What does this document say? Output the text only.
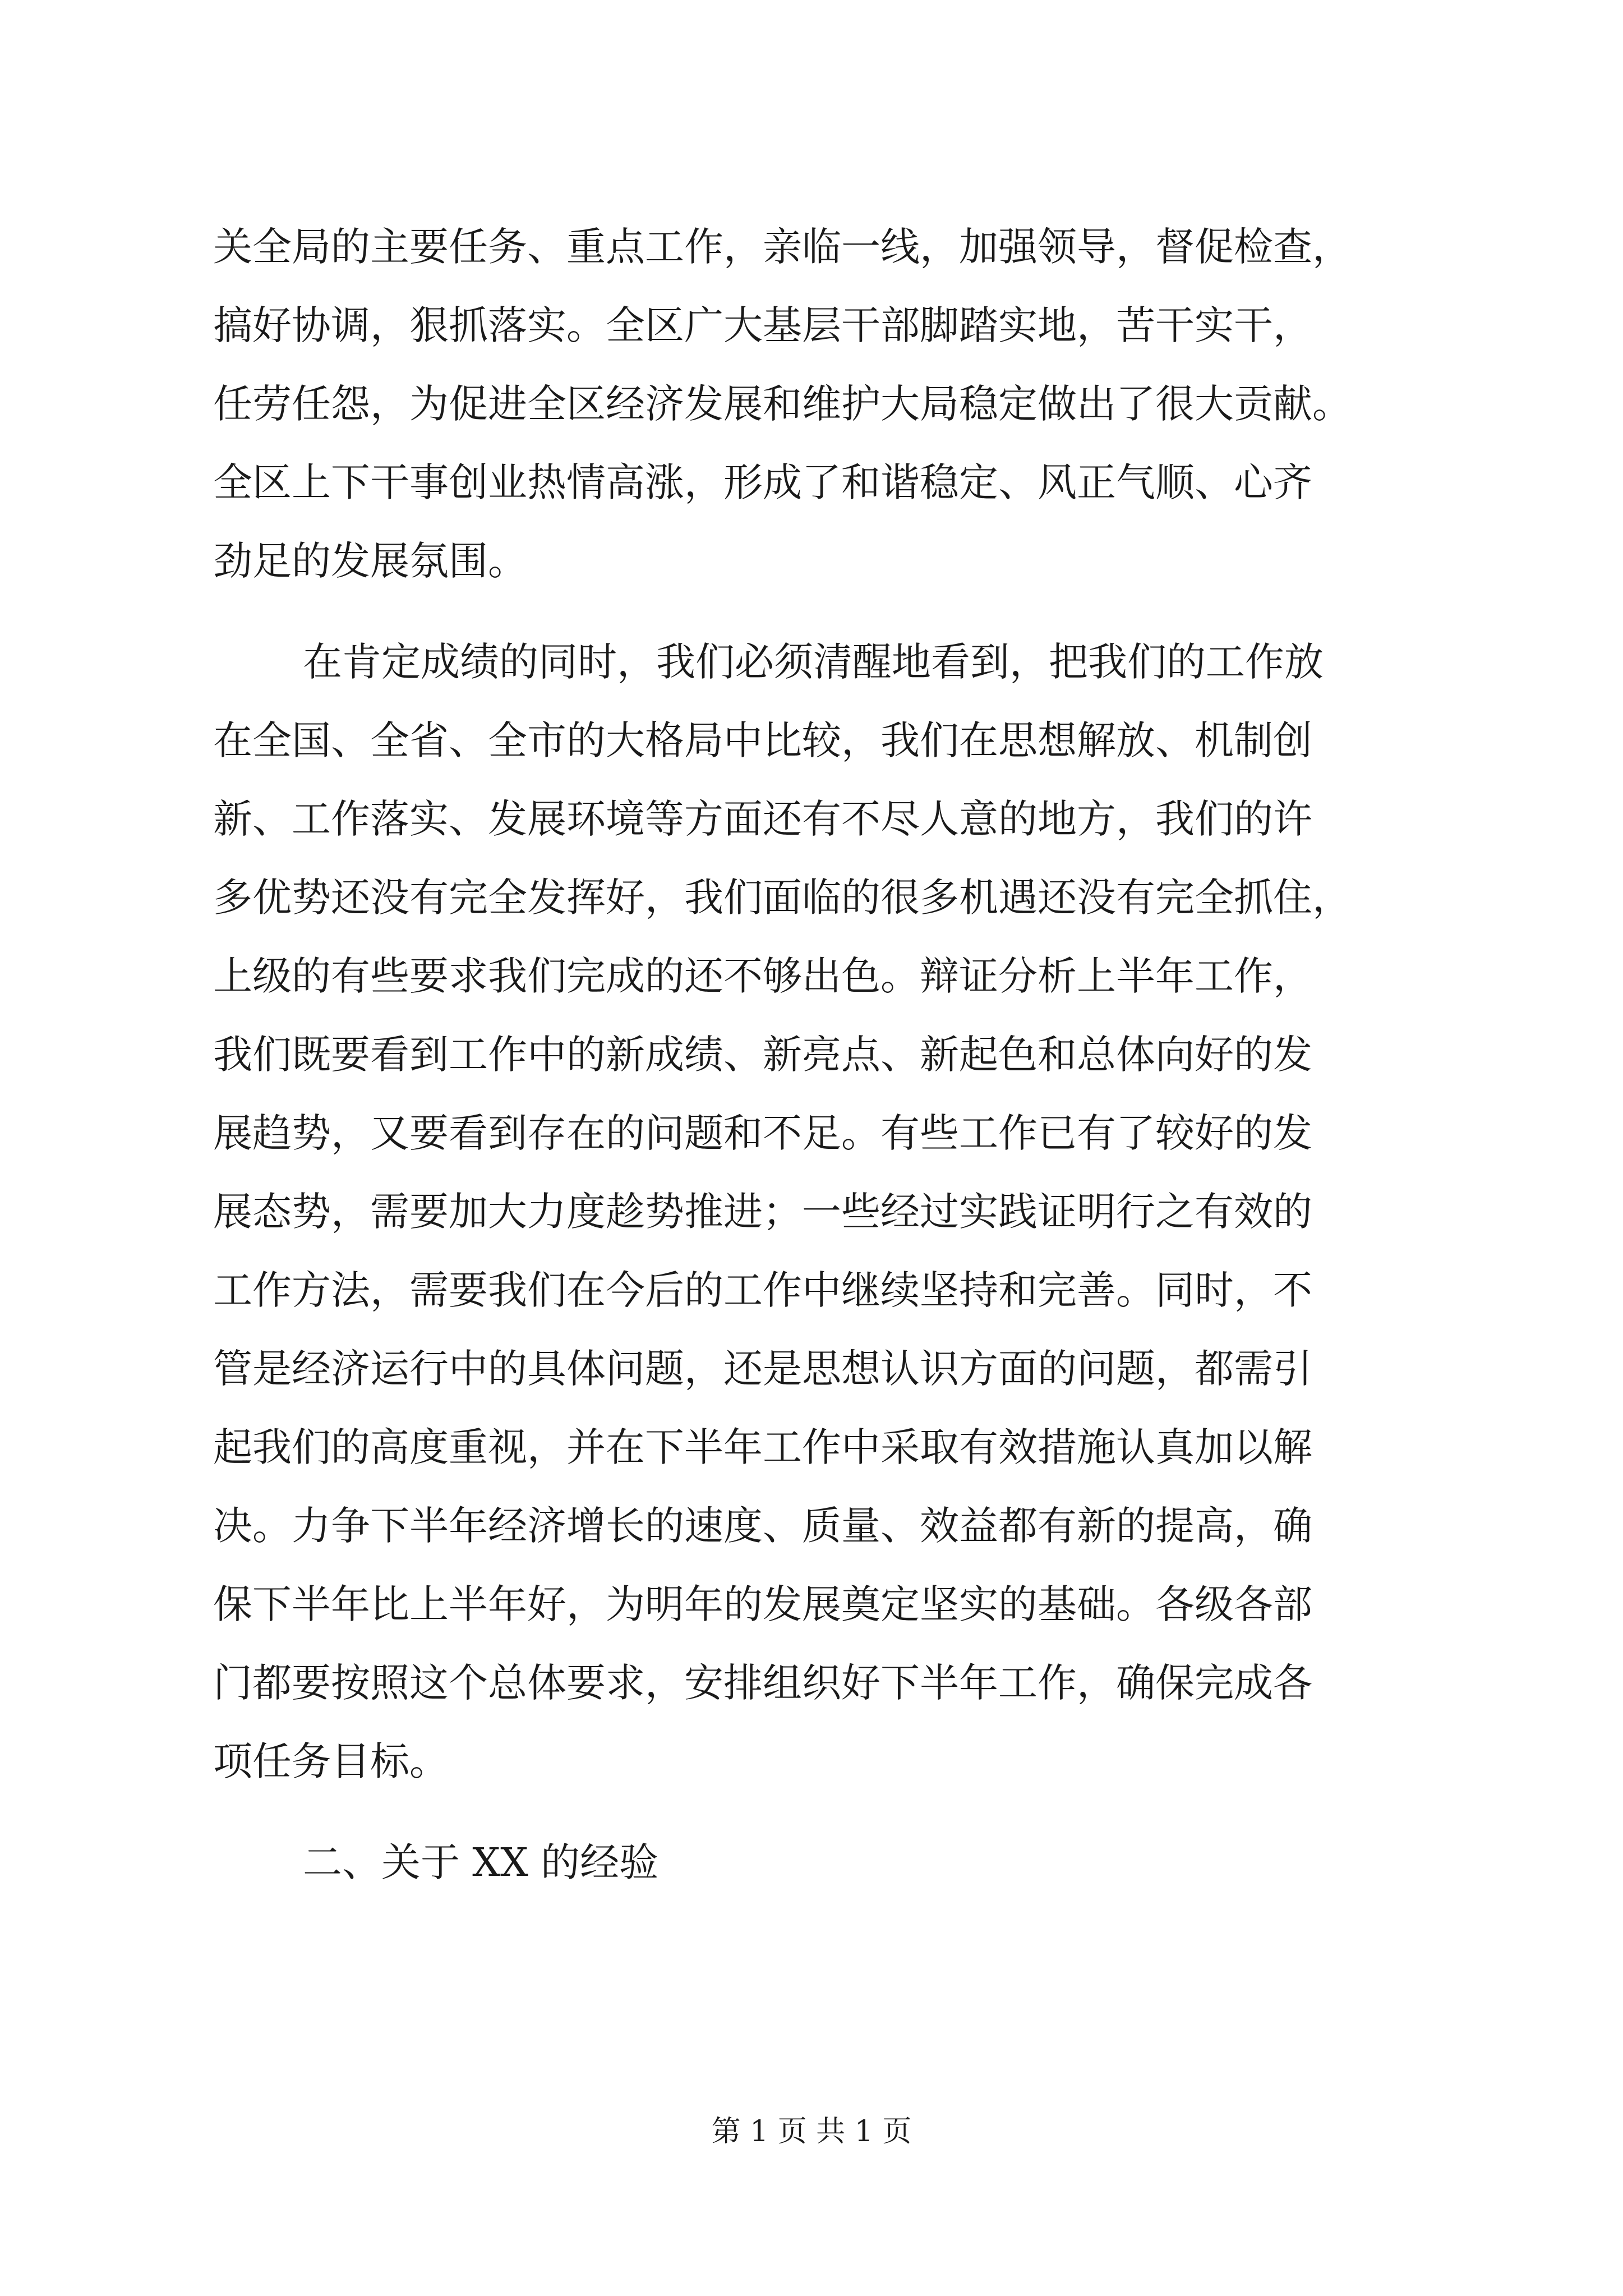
关全局的主要任务、重点工作，亲临一线，加强领导，督促检查，

搞好协调，狠抓落实。全区广大基层干部脚踏实地，苦干实干，

任劳任怨，为促进全区经济发展和维护大局稳定做出了很大贡献。

全区上下干事创业热情高涨，形成了和谐稳定、风正气顺、心齐

劲足的发展氛围。

在肯定成绩的同时，我们必须清醒地看到，把我们的工作放

在全国、全省、全市的大格局中比较，我们在思想解放、机制创

新、工作落实、发展环境等方面还有不尽人意的地方，我们的许

多优势还没有完全发挥好，我们面临的很多机遇还没有完全抓住，

上级的有些要求我们完成的还不够出色。辩证分析上半年工作，

我们既要看到工作中的新成绩、新亮点、新起色和总体向好的发

展趋势，又要看到存在的问题和不足。有些工作已有了较好的发

展态势，需要加大力度趁势推进；一些经过实践证明行之有效的

工作方法，需要我们在今后的工作中继续坚持和完善。同时，不

管是经济运行中的具体问题，还是思想认识方面的问题，都需引

起我们的高度重视，并在下半年工作中采取有效措施认真加以解

决。力争下半年经济增长的速度、质量、效益都有新的提高，确

保下半年比上半年好，为明年的发展奠定坚实的基础。各级各部

门都要按照这个总体要求，安排组织好下半年工作，确保完成各

项任务目标。

二、关于 XX 的经验

第 1 页 共 1 页
